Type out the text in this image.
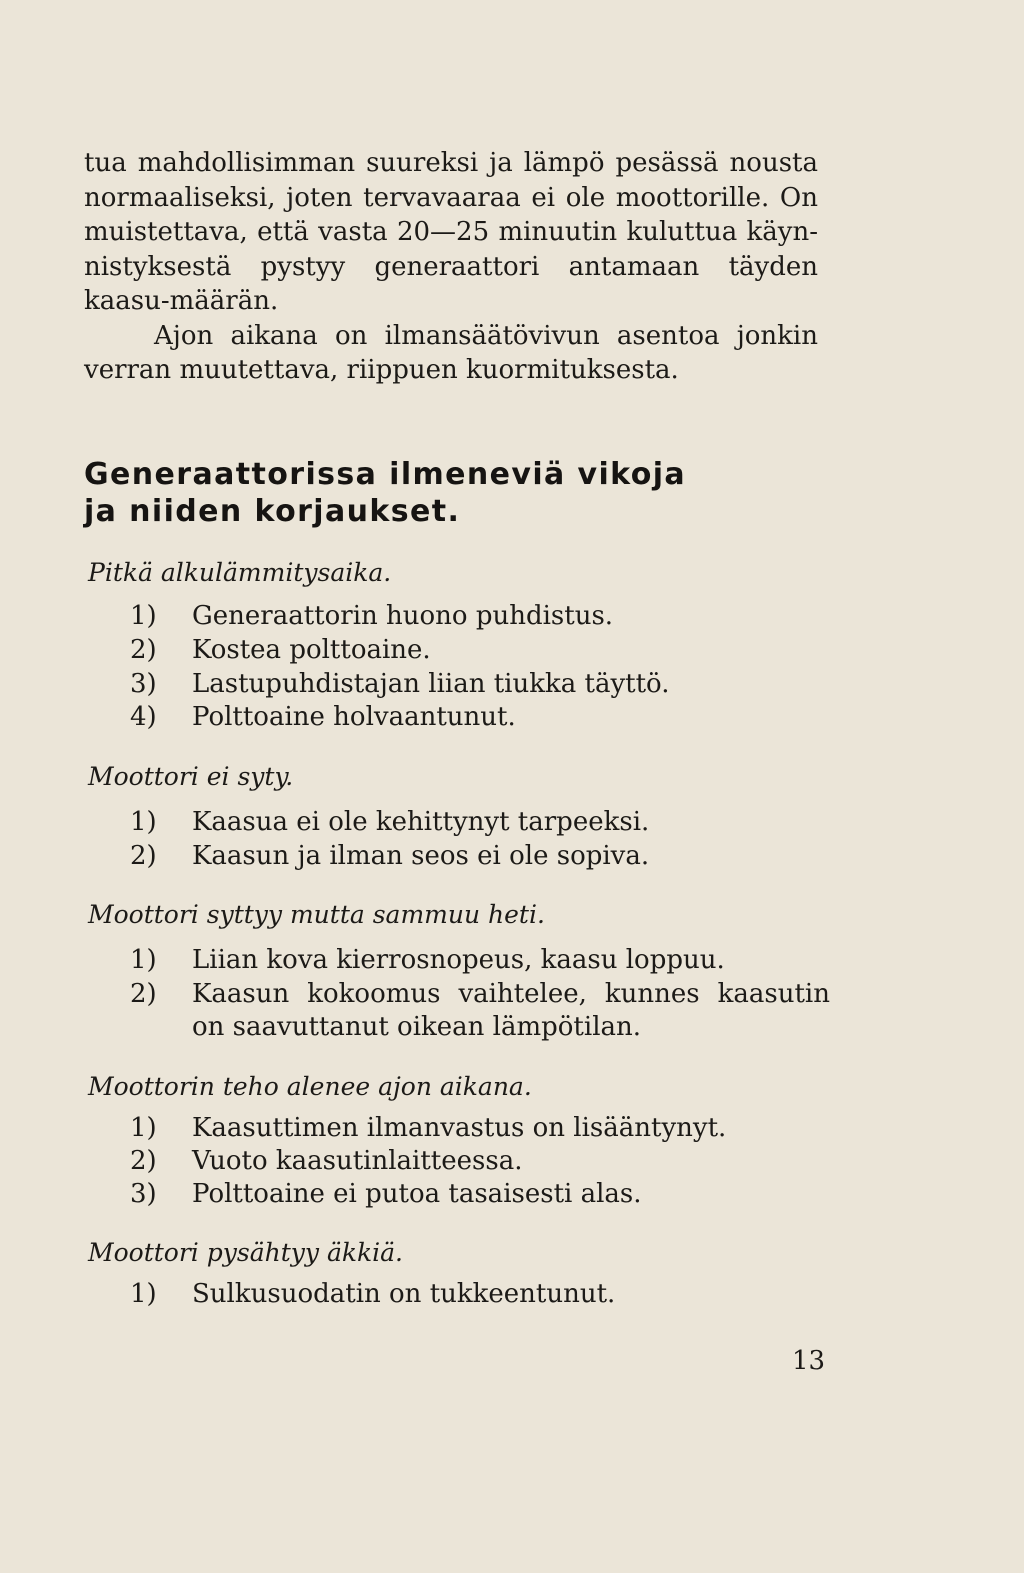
tua mahdollisimman suureksi ja lämpö pesässä nousta normaaliseksi, joten tervavaaraa ei ole moottorille. On muistettava, että vasta 20—25 minuutin kuluttua käyn-nistyksestä pystyy generaattori antamaan täyden kaasu-määrän.

Ajon aikana on ilmansäätövivun asentoa jonkin verran muutettava, riippuen kuormituksesta.

Generaattorissa ilmeneviä vikoja
ja niiden korjaukset.
Pitkä alkulämmitysaika.
1)	Generaattorin huono puhdistus.
2)	Kostea polttoaine.
3)	Lastupuhdistajan liian tiukka täyttö.
4)	Polttoaine holvaantunut.
Moottori ei syty.
1)	Kaasua ei ole kehittynyt tarpeeksi.
2)	Kaasun ja ilman seos ei ole sopiva.
Moottori syttyy mutta sammuu heti.
1)	Liian kova kierrosnopeus, kaasu loppuu.
2)	Kaasun kokoomus vaihtelee, kunnes kaasutin on saavuttanut oikean lämpötilan.
Moottorin teho alenee ajon aikana.
1)	Kaasuttimen ilmanvastus on lisääntynyt.
2)	Vuoto kaasutinlaitteessa.
3)	Polttoaine ei putoa tasaisesti alas.
Moottori pysähtyy äkkiä.
1)	Sulkusuodatin on tukkeentunut.
13
